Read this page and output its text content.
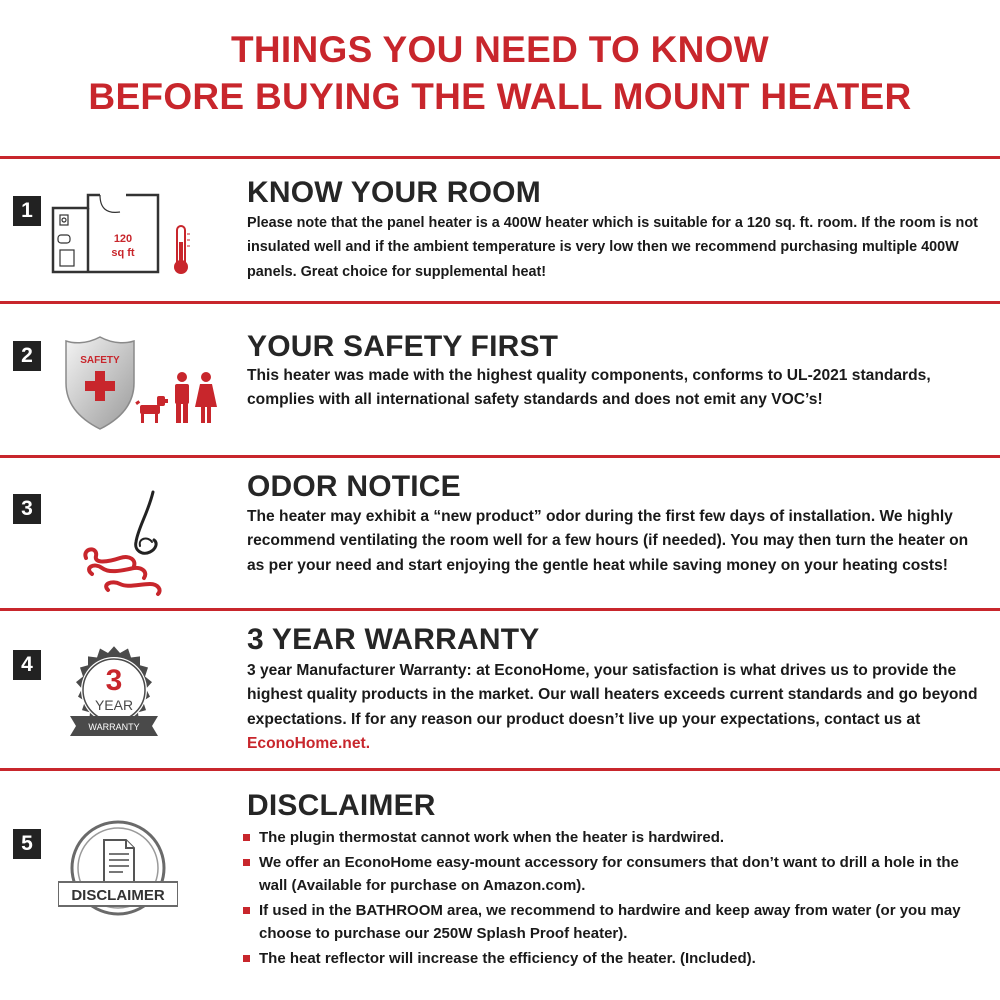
THINGS YOU NEED TO KNOW
BEFORE BUYING THE WALL MOUNT HEATER
1
120
sq ft
KNOW YOUR ROOM
Please note that the panel heater is a 400W heater which is suitable for a 120 sq. ft. room. If the room is not insulated well and if the ambient temperature is very low then we recommend purchasing multiple 400W panels. Great choice for supplemental heat!
2	SAFETY	YOUR SAFETY FIRST
This heater was made with the highest quality components, conforms to UL-2021 standards, complies with all international safety standards and does not emit any VOC’s!
3
ODOR NOTICE
The heater may exhibit a “new product” odor during the first few days of installation. We highly recommend ventilating the room well for a few hours (if needed). You may then turn the heater on as per your need and start enjoying the gentle heat while saving money on your heating costs!
4 3
YEAR
WARRANTY
3 YEAR WARRANTY
3 year Manufacturer Warranty: at EconoHome, your satisfaction is what drives us to provide the highest quality products in the market. Our wall heaters exceeds current standards and go beyond expectations. If for any reason our product doesn’t live up your expectations, contact us at EconoHome.net.
5
DISCLAIMER
DISCLAIMER
The plugin thermostat cannot work when the heater is hardwired.
We offer an EconoHome easy-mount accessory for consumers that don’t want to drill a hole in the wall (Available for purchase on Amazon.com).
If used in the BATHROOM area, we recommend to hardwire and keep away from water (or you may choose to purchase our 250W Splash Proof heater).
The heat reflector will increase the efficiency of the heater. (Included).
